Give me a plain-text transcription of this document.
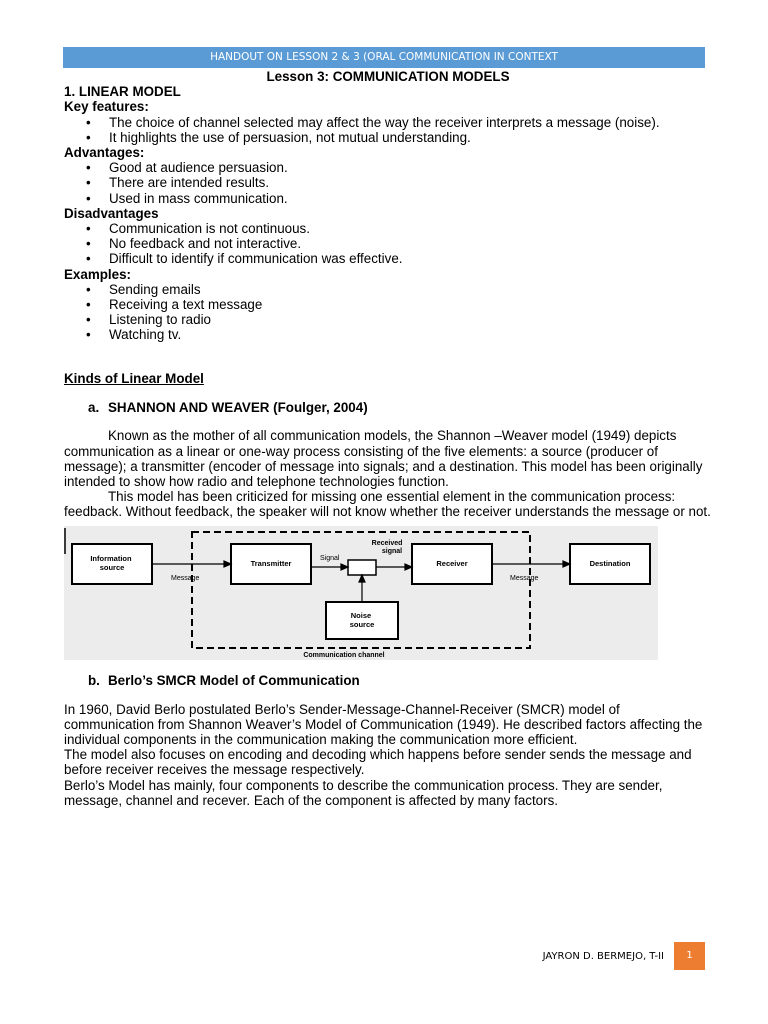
HANDOUT ON LESSON 2 & 3 (ORAL COMMUNICATION IN CONTEXT

Lesson 3: COMMUNICATION MODELS

1. LINEAR MODEL

Key features:

• The choice of channel selected may affect the way the receiver interprets a message (noise).
• It highlights the use of persuasion, not mutual understanding.

Advantages:

• Good at audience persuasion.
• There are intended results.
• Used in mass communication.

Disadvantages

• Communication is not continuous.
• No feedback and not interactive.
• Difficult to identify if communication was effective.

Examples:

• Sending emails
• Receiving a text message
• Listening to radio
• Watching tv.

Kinds of Linear Model

a. SHANNON AND WEAVER (Foulger, 2004)

Known as the mother of all communication models, the Shannon –Weaver model (1949) depicts communication as a linear or one-way process consisting of the five elements: a source (producer of message); a transmitter (encoder of message into signals; and a destination. This model has been originally intended to show how radio and telephone technologies function.

This model has been criticized for missing one essential element in the communication process: feedback. Without feedback, the speaker will not know whether the receiver understands the message or not.

Information source	Transmitter	Receiver	Destination
Noise source
Message
Signal
Received signal
Message
Communication channel

b. Berlo’s SMCR Model of Communication

In 1960, David Berlo postulated Berlo’s Sender-Message-Channel-Receiver (SMCR) model of communication from Shannon Weaver’s Model of Communication (1949). He described factors affecting the individual components in the communication making the communication more efficient.

The model also focuses on encoding and decoding which happens before sender sends the message and before receiver receives the message respectively.

Berlo’s Model has mainly, four components to describe the communication process. They are sender, message, channel and recever. Each of the component is affected by many factors.

JAYRON D. BERMEJO, T-II	1
